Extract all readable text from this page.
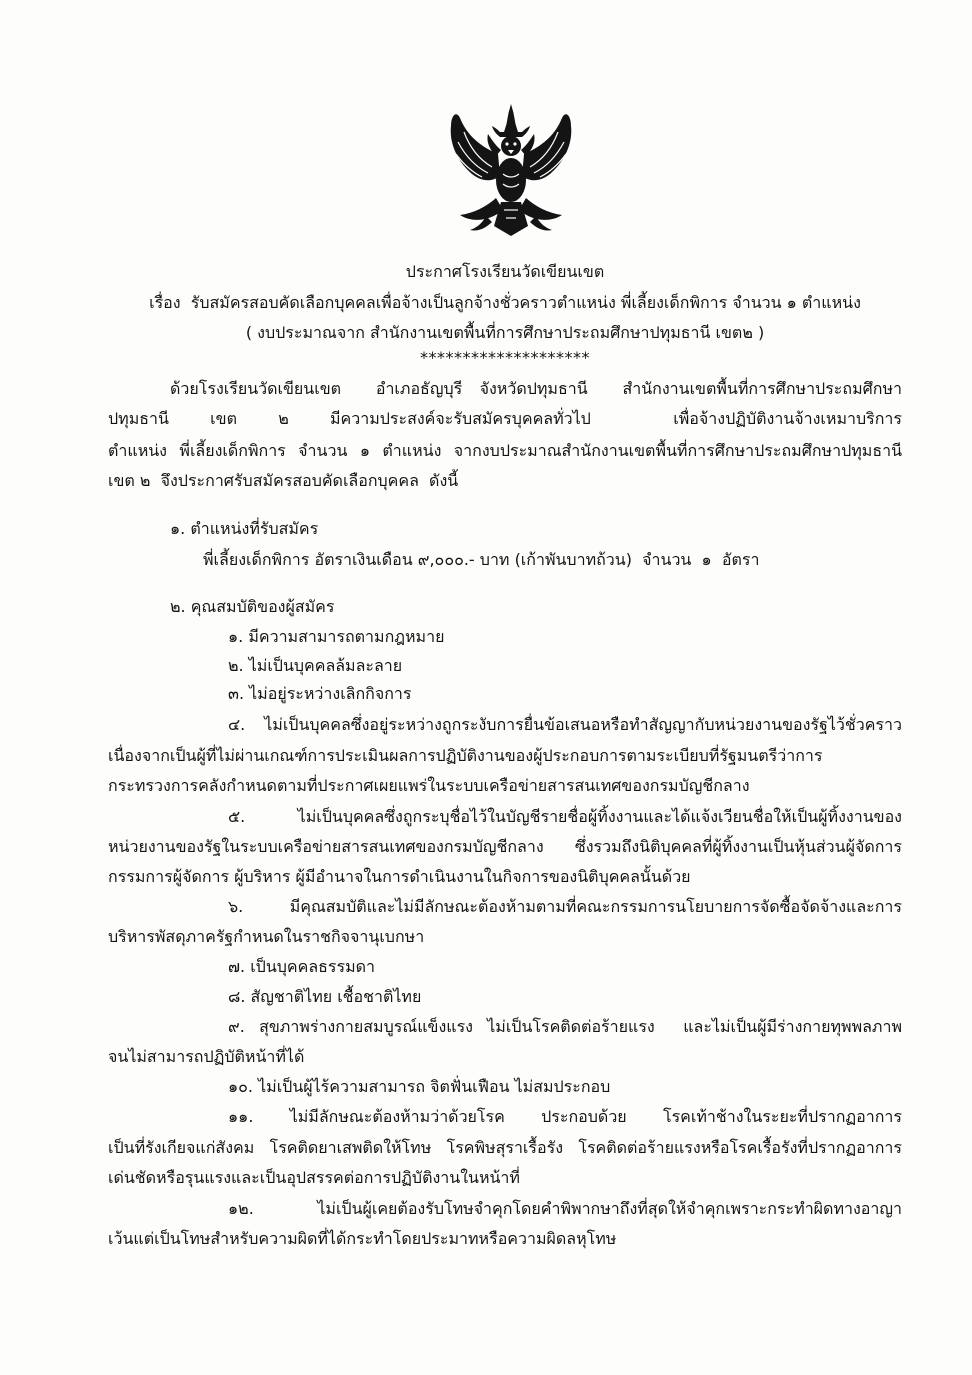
ประกาศโรงเรียนวัดเขียนเขต
เรื่อง รับสมัครสอบคัดเลือกบุคคลเพื่อจ้างเป็นลูกจ้างชั่วคราวตำแหน่ง พี่เลี้ยงเด็กพิการ จำนวน ๑ ตำแหน่ง
( งบประมาณจาก สำนักงานเขตพื้นที่การศึกษาประถมศึกษาปทุมธานี เขต๒ )
********************
ด้วยโรงเรียนวัดเขียนเขต  อำเภอธัญบุรี จังหวัดปทุมธานี  สำนักงานเขตพื้นที่การศึกษาประถมศึกษา
ปทุมธานี เขต ๒ มีความประสงค์จะรับสมัครบุคคลทั่วไป  เพื่อจ้างปฏิบัติงานจ้างเหมาบริการ
ตำแหน่ง พี่เลี้ยงเด็กพิการ จำนวน ๑ ตำแหน่ง จากงบประมาณสำนักงานเขตพื้นที่การศึกษาประถมศึกษาปทุมธานี
เขต ๒  จึงประกาศรับสมัครสอบคัดเลือกบุคคล  ดังนี้
๑. ตำแหน่งที่รับสมัคร
พี่เลี้ยงเด็กพิการ อัตราเงินเดือน ๙,๐๐๐.- บาท (เก้าพันบาทถ้วน)  จำนวน  ๑  อัตรา
๒. คุณสมบัติของผู้สมัคร
๑. มีความสามารถตามกฎหมาย
๒. ไม่เป็นบุคคลล้มละลาย
๓. ไม่อยู่ระหว่างเลิกกิจการ
๔. ไม่เป็นบุคคลซึ่งอยู่ระหว่างถูกระงับการยื่นข้อเสนอหรือทำสัญญากับหน่วยงานของรัฐไว้ชั่วคราว
เนื่องจากเป็นผู้ที่ไม่ผ่านเกณฑ์การประเมินผลการปฏิบัติงานของผู้ประกอบการตามระเบียบที่รัฐมนตรีว่าการ
กระทรวงการคลังกำหนดตามที่ประกาศเผยแพร่ในระบบเครือข่ายสารสนเทศของกรมบัญชีกลาง
๕. ไม่เป็นบุคคลซึ่งถูกระบุชื่อไว้ในบัญชีรายชื่อผู้ทิ้งงานและได้แจ้งเวียนชื่อให้เป็นผู้ทิ้งงานของ
หน่วยงานของรัฐในระบบเครือข่ายสารสนเทศของกรมบัญชีกลาง ซึ่งรวมถึงนิติบุคคลที่ผู้ทิ้งงานเป็นหุ้นส่วนผู้จัดการ
กรรมการผู้จัดการ ผู้บริหาร ผู้มีอำนาจในการดำเนินงานในกิจการของนิติบุคคลนั้นด้วย
๖. มีคุณสมบัติและไม่มีลักษณะต้องห้ามตามที่คณะกรรมการนโยบายการจัดซื้อจัดจ้างและการ
บริหารพัสดุภาครัฐกำหนดในราชกิจจานุเบกษา
๗. เป็นบุคคลธรรมดา
๘. สัญชาติไทย เชื้อชาติไทย
๙. สุขภาพร่างกายสมบูรณ์แข็งแรง ไม่เป็นโรคติดต่อร้ายแรง  และไม่เป็นผู้มีร่างกายทุพพลภาพ
จนไม่สามารถปฏิบัติหน้าที่ได้
๑๐. ไม่เป็นผู้ไร้ความสามารถ จิตฟั่นเฟือน ไม่สมประกอบ
๑๑. ไม่มีลักษณะต้องห้ามว่าด้วยโรค ประกอบด้วย โรคเท้าช้างในระยะที่ปรากฏอาการ
เป็นที่รังเกียจแก่สังคม โรคติดยาเสพติดให้โทษ โรคพิษสุราเรื้อรัง โรคติดต่อร้ายแรงหรือโรคเรื้อรังที่ปรากฏอาการ
เด่นชัดหรือรุนแรงและเป็นอุปสรรคต่อการปฏิบัติงานในหน้าที่
๑๒. ไม่เป็นผู้เคยต้องรับโทษจำคุกโดยคำพิพากษาถึงที่สุดให้จำคุกเพราะกระทำผิดทางอาญา
เว้นแต่เป็นโทษสำหรับความผิดที่ได้กระทำโดยประมาทหรือความผิดลหุโทษ
